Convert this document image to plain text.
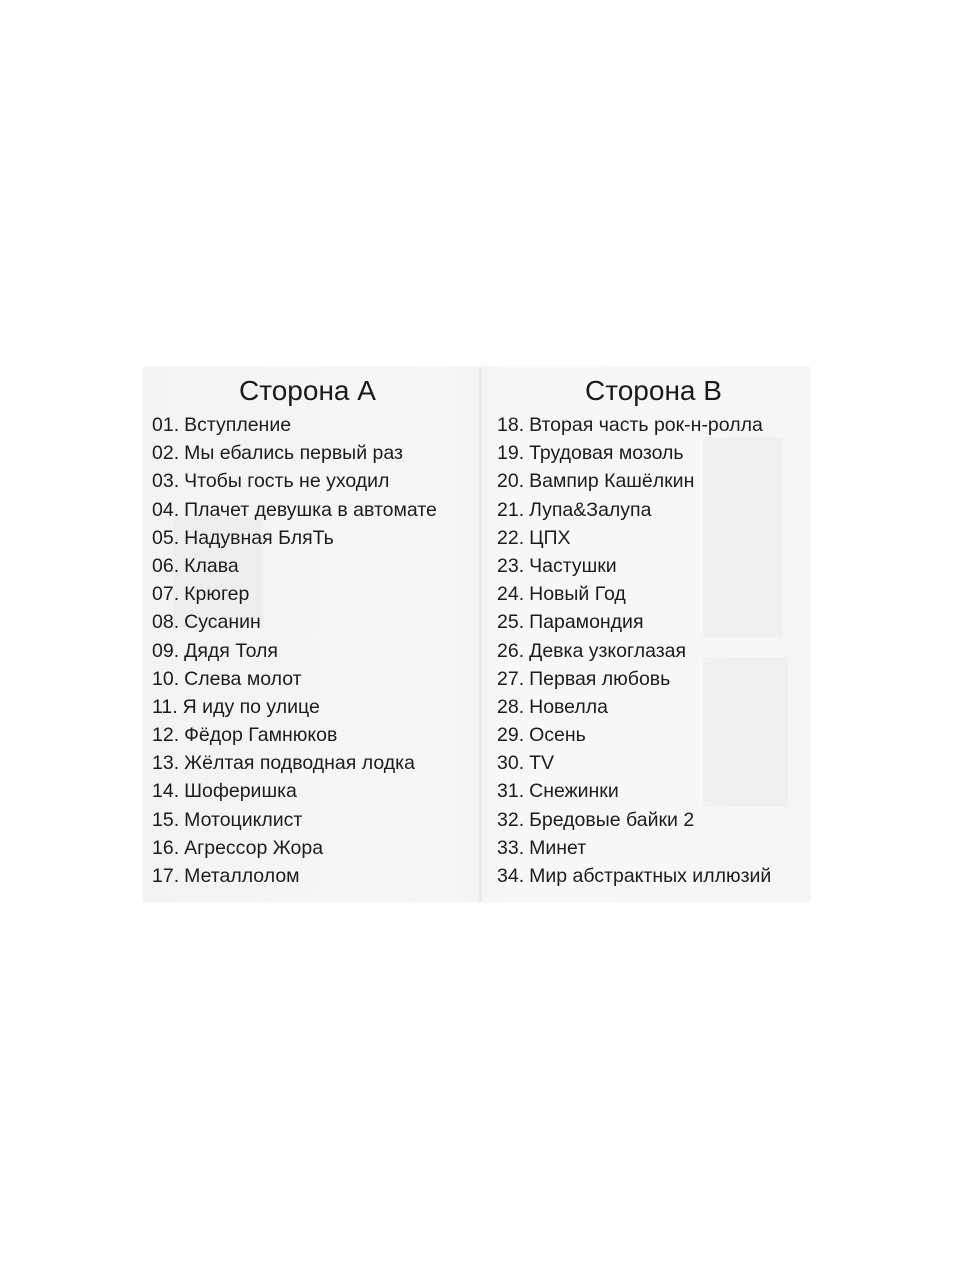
Сторона А
01. Вступление
02. Мы ебались первый раз
03. Чтобы гость не уходил
04. Плачет девушка в автомате
05. Надувная БляТь
06. Клава
07. Крюгер
08. Сусанин
09. Дядя Толя
10. Слева молот
11. Я иду по улице
12. Фёдор Гамнюков
13. Жёлтая подводная лодка
14. Шоферишка
15. Мотоциклист
16. Агрессор Жора
17. Металлолом
Сторона В
18. Вторая часть рок-н-ролла
19. Трудовая мозоль
20. Вампир Кашёлкин
21. Лупа&Залупа
22. ЦПХ
23. Частушки
24. Новый Год
25. Парамондия
26. Девка узкоглазая
27. Первая любовь
28. Новелла
29. Осень
30. TV
31. Снежинки
32. Бредовые байки 2
33. Минет
34. Мир абстрактных иллюзий
